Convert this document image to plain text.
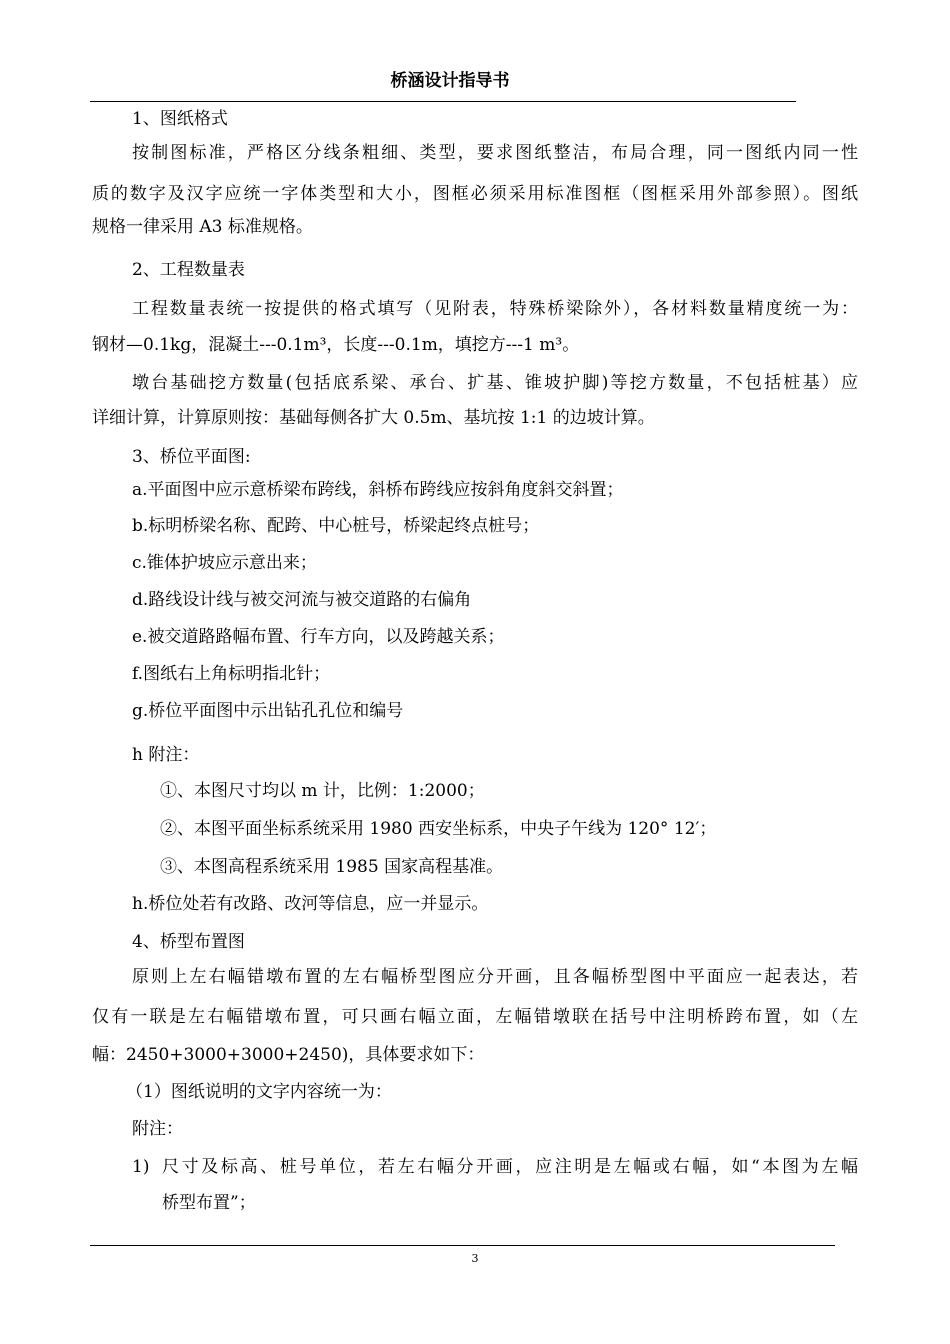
桥涵设计指导书
1、图纸格式
按制图标准，严格区分线条粗细、类型，要求图纸整洁，布局合理，同一图纸内同一性
质的数字及汉字应统一字体类型和大小，图框必须采用标准图框（图框采用外部参照）。图纸
规格一律采用 A3 标准规格。
2、工程数量表
工程数量表统一按提供的格式填写（见附表，特殊桥梁除外），各材料数量精度统一为：
钢材—0.1kg，混凝土---0.1m³，长度---0.1m，填挖方---1 m³。
墩台基础挖方数量(包括底系梁、承台、扩基、锥坡护脚)等挖方数量，不包括桩基）应
详细计算，计算原则按：基础每侧各扩大 0.5m、基坑按 1:1 的边坡计算。
3、桥位平面图:
a.平面图中应示意桥梁布跨线，斜桥布跨线应按斜角度斜交斜置；
b.标明桥梁名称、配跨、中心桩号，桥梁起终点桩号；
c.锥体护坡应示意出来；
d.路线设计线与被交河流与被交道路的右偏角
e.被交道路路幅布置、行车方向，以及跨越关系；
f.图纸右上角标明指北针；
g.桥位平面图中示出钻孔孔位和编号
h 附注：
①、本图尺寸均以 m 计，比例：1:2000；
②、本图平面坐标系统采用 1980 西安坐标系，中央子午线为 120° 12′；
③、本图高程系统采用 1985 国家高程基准。
h.桥位处若有改路、改河等信息，应一并显示。
4、桥型布置图
原则上左右幅错墩布置的左右幅桥型图应分开画，且各幅桥型图中平面应一起表达，若
仅有一联是左右幅错墩布置，可只画右幅立面，左幅错墩联在括号中注明桥跨布置，如（左
幅：2450+3000+3000+2450)，具体要求如下：
（1）图纸说明的文字内容统一为：
附注：
1) 尺寸及标高、桩号单位，若左右幅分开画，应注明是左幅或右幅，如“本图为左幅
桥型布置”；
3
